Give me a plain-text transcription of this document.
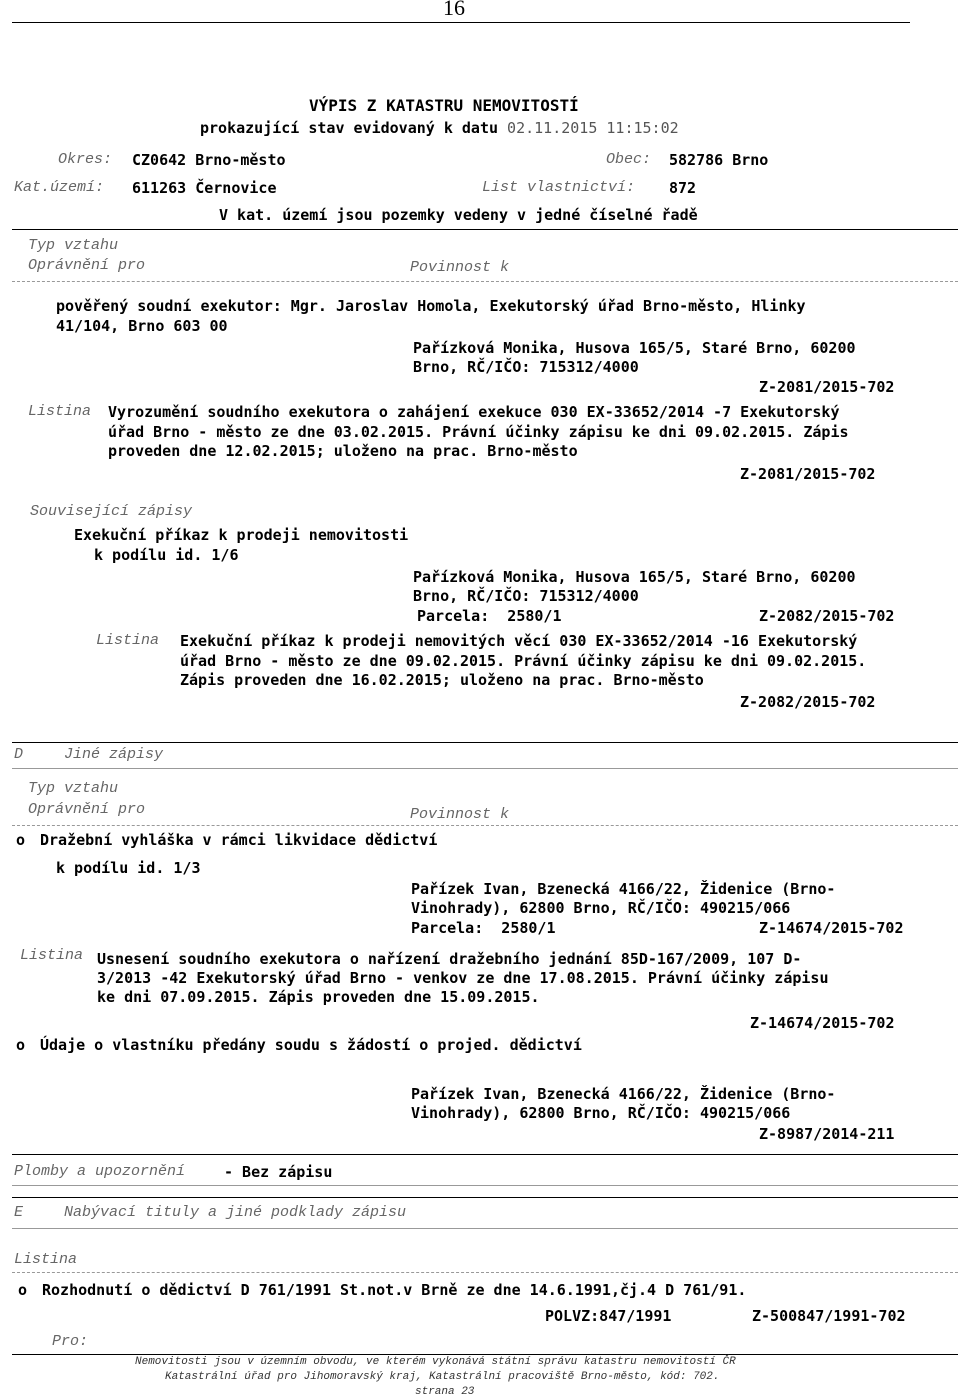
16
VÝPIS Z KATASTRU NEMOVITOSTÍ
prokazující stav evidovaný k datu 02.11.2015 11:15:02
Okres: CZ0642 Brno-město	Obec: 582786 Brno
Kat.území: 611263 Černovice	List vlastnictví: 872
V kat. území jsou pozemky vedeny v jedné číselné řadě
Typ vztahu
Oprávnění pro	Povinnost k
pověřený soudní exekutor: Mgr. Jaroslav Homola, Exekutorský úřad Brno-město, Hlinky
41/104, Brno 603 00
Pařízková Monika, Husova 165/5, Staré Brno, 60200
Brno, RČ/IČO: 715312/4000
Z-2081/2015-702
Listina Vyrozumění soudního exekutora o zahájení exekuce 030 EX-33652/2014 -7 Exekutorský
úřad Brno - město ze dne 03.02.2015. Právní účinky zápisu ke dni 09.02.2015. Zápis
proveden dne 12.02.2015; uloženo na prac. Brno-město
Z-2081/2015-702
Související zápisy
Exekuční příkaz k prodeji nemovitosti
k podílu id. 1/6
Pařízková Monika, Husova 165/5, Staré Brno, 60200
Brno, RČ/IČO: 715312/4000
Parcela:  2580/1	Z-2082/2015-702
Listina Exekuční příkaz k prodeji nemovitých věcí 030 EX-33652/2014 -16 Exekutorský
úřad Brno - město ze dne 09.02.2015. Právní účinky zápisu ke dni 09.02.2015.
Zápis proveden dne 16.02.2015; uloženo na prac. Brno-město
Z-2082/2015-702
D	Jiné zápisy
Typ vztahu
Oprávnění pro	Povinnost k
o Dražební vyhláška v rámci likvidace dědictví
k podílu id. 1/3
Pařízek Ivan, Bzenecká 4166/22, Židenice (Brno-
Vinohrady), 62800 Brno, RČ/IČO: 490215/066
Parcela:  2580/1	Z-14674/2015-702
Listina Usnesení soudního exekutora o nařízení dražebního jednání 85D-167/2009, 107 D-
3/2013 -42 Exekutorský úřad Brno - venkov ze dne 17.08.2015. Právní účinky zápisu
ke dni 07.09.2015. Zápis proveden dne 15.09.2015.
Z-14674/2015-702
o Údaje o vlastníku předány soudu s žádostí o projed. dědictví
Pařízek Ivan, Bzenecká 4166/22, Židenice (Brno-
Vinohrady), 62800 Brno, RČ/IČO: 490215/066
Z-8987/2014-211
Plomby a upozornění	- Bez zápisu
E	Nabývací tituly a jiné podklady zápisu
Listina
o Rozhodnutí o dědictví D 761/1991 St.not.v Brně ze dne 14.6.1991,čj.4 D 761/91.
POLVZ:847/1991	Z-500847/1991-702
Pro:
Nemovitosti jsou v územním obvodu, ve kterém vykonává státní správu katastru nemovitostí ČR
Katastrální úřad pro Jihomoravský kraj, Katastrální pracoviště Brno-město, kód: 702.
strana 23
